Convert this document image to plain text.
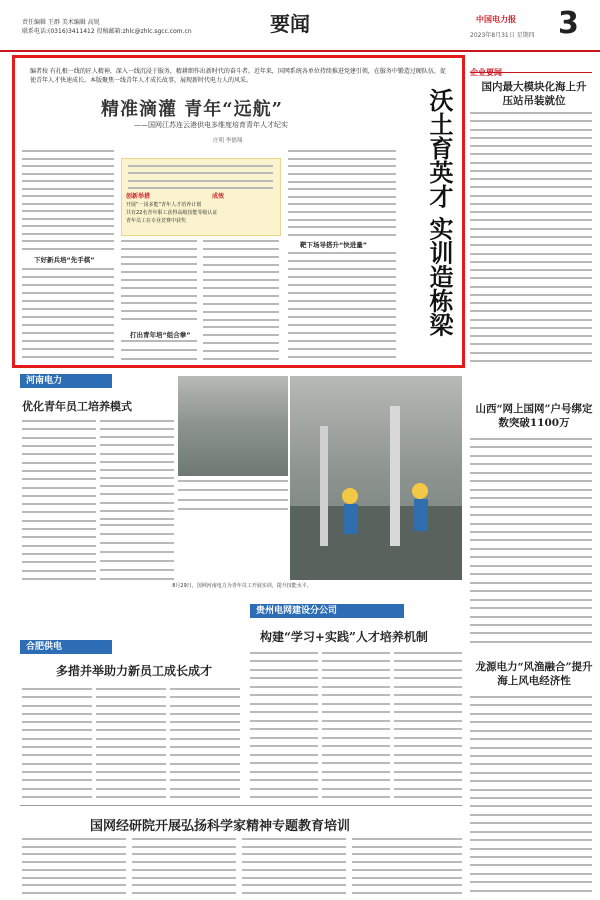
责任编辑 王群 美术编辑 高锐
联系电话:(0316)3411412 投稿邮箱:zhlc@zhlc.sgcc.com.cn	要闻	中国电力报
2023年8月31日 星期四 3
编者按 有扎根一线的匠人精神，深入一线沉浸于服务，精耕细作出新时代的奋斗者。近年来，国网系统各单位持续推进党建引领，在服务中锻造过硬队伍，促使青年人才快速成长。本版聚焦一线青年人才成长故事，展现新时代电力人的风采。
精准滴灌 青年“远航”
——国网江苏连云港供电多维度培育青年人才纪实
庄明 李德翔
下好新兵培“先手棋”
创新举措	成效
开展“一岗多能”青年人才培养计划
共有22名青年职工获得高级技能等级认证
青年员工在专业竞赛中获奖
打出青年培“组合拳”
靶下场导搭升“快进量”	沃土育英才 实训造栋梁
企业要闻
国内最大模块化海上升压站吊装就位
山西“网上国网”户号绑定数突破1100万
龙源电力“风渔融合”提升海上风电经济性
河南电力
优化青年员工培养模式
8月29日，国网河南电力为青年员工开展实训，提升技能水平。
合肥供电
多措并举助力新员工成长成才
贵州电网建设分公司
构建“学习+实践”人才培养机制
国网经研院开展弘扬科学家精神专题教育培训
